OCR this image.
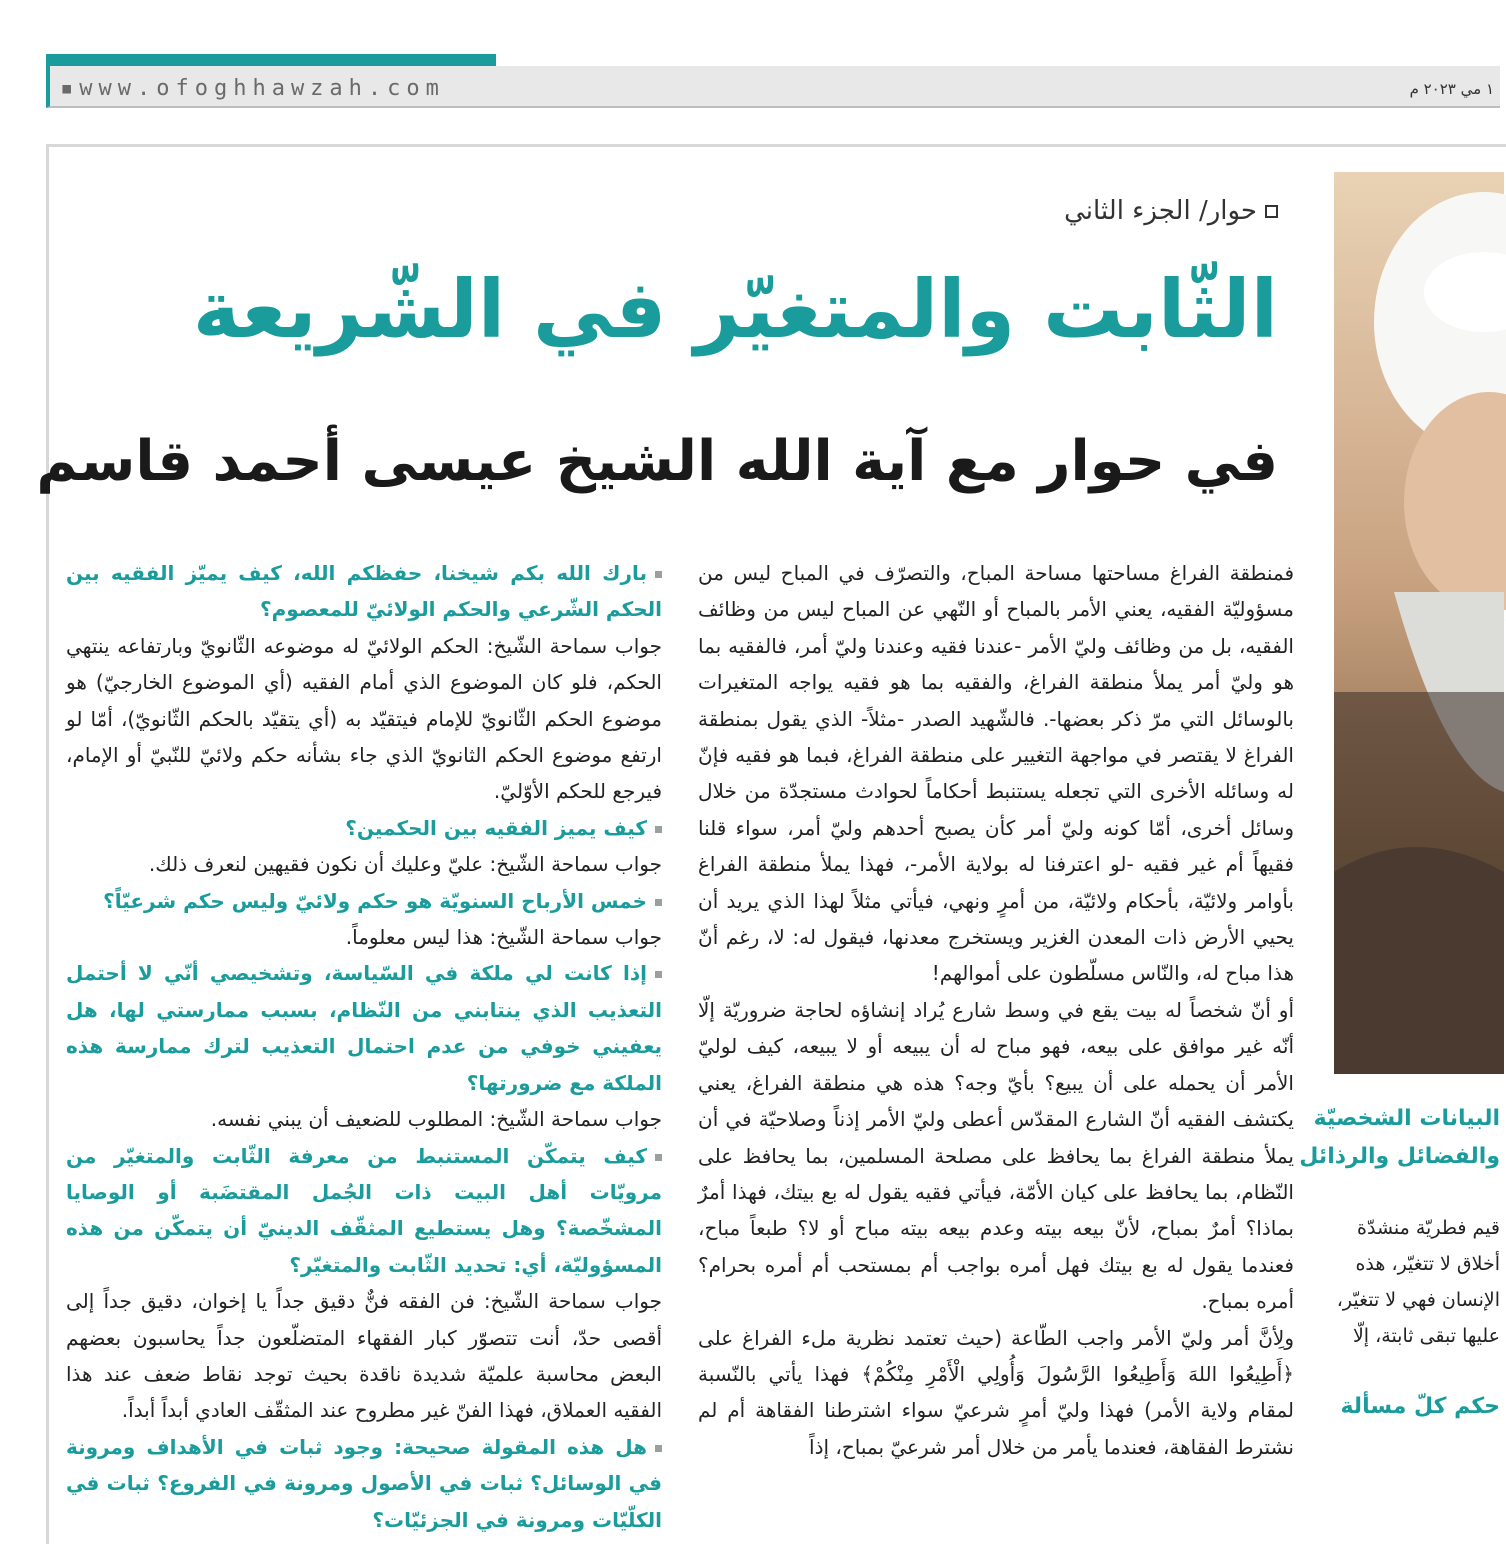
▪www.ofoghhawzah.com	١ مي ٢٠٢٣ م
حوار/ الجزء الثاني
الثّابت والمتغيّر في الشّريعة
في حوار مع آية الله الشيخ عيسى أحمد قاسم

فمنطقة الفراغ مساحتها مساحة المباح، والتصرّف في المباح ليس من مسؤوليّة الفقيه، يعني الأمر بالمباح أو النّهي عن المباح ليس من وظائف الفقيه، بل من وظائف وليّ الأمر -عندنا فقيه وعندنا وليّ أمر، فالفقيه بما هو وليّ أمر يملأ منطقة الفراغ، والفقيه بما هو فقيه يواجه المتغيرات بالوسائل التي مرّ ذكر بعضها-. فالشّهيد الصدر -مثلاً- الذي يقول بمنطقة الفراغ لا يقتصر في مواجهة التغيير على منطقة الفراغ، فبما هو فقيه فإنّ له وسائله الأخرى التي تجعله يستنبط أحكاماً لحوادث مستجدّة من خلال وسائل أخرى، أمّا كونه وليّ أمر كأن يصبح أحدهم وليّ أمر، سواء قلنا فقيهاً أم غير فقيه -لو اعترفنا له بولاية الأمر-، فهذا يملأ منطقة الفراغ بأوامر ولائيّة، بأحكام ولائيّة، من أمرٍ ونهي، فيأتي مثلاً لهذا الذي يريد أن يحيي الأرض ذات المعدن الغزير ويستخرج معدنها، فيقول له: لا، رغم أنّ هذا مباح له، والنّاس مسلّطون على أموالهم!

أو أنّ شخصاً له بيت يقع في وسط شارع يُراد إنشاؤه لحاجة ضروريّة إلّا أنّه غير موافق على بيعه، فهو مباح له أن يبيعه أو لا يبيعه، كيف لوليّ الأمر أن يحمله على أن يبيع؟ بأيّ وجه؟ هذه هي منطقة الفراغ، يعني يكتشف الفقيه أنّ الشارع المقدّس أعطى وليّ الأمر إذناً وصلاحيّة في أن يملأ منطقة الفراغ بما يحافظ على مصلحة المسلمين، بما يحافظ على النّظام، بما يحافظ على كيان الأمّة، فيأتي فقيه يقول له بع بيتك، فهذا أمرٌ بماذا؟ أمرٌ بمباح، لأنّ بيعه بيته وعدم بيعه بيته مباح أو لا؟ طبعاً مباح، فعندما يقول له بع بيتك فهل أمره بواجب أم بمستحب أم أمره بحرام؟ أمره بمباح.

ولِأنَّ أمر وليّ الأمر واجب الطّاعة (حيث تعتمد نظرية ملء الفراغ على ﴿أَطِيعُوا اللهَ وَأَطِيعُوا الرَّسُولَ وَأُولِي الْأَمْرِ مِنْكُمْ﴾ فهذا يأتي بالنّسبة لمقام ولاية الأمر) فهذا وليّ أمرٍ شرعيّ سواء اشترطنا الفقاهة أم لم نشترط الفقاهة، فعندما يأمر من خلال أمر شرعيّ بمباح، إذاً

بارك الله بكم شيخنا، حفظكم الله، كيف يميّز الفقيه بين الحكم الشّرعي والحكم الولائيّ للمعصوم؟

جواب سماحة الشّيخ: الحكم الولائيّ له موضوعه الثّانويّ وبارتفاعه ينتهي الحكم، فلو كان الموضوع الذي أمام الفقيه (أي الموضوع الخارجيّ) هو موضوع الحكم الثّانويّ للإمام فيتقيّد به (أي يتقيّد بالحكم الثّانويّ)، أمّا لو ارتفع موضوع الحكم الثانويّ الذي جاء بشأنه حكم ولائيّ للنّبيّ أو الإمام، فيرجع للحكم الأوّليّ.

كيف يميز الفقيه بين الحكمين؟

جواب سماحة الشّيخ: عليّ وعليك أن نكون فقيهين لنعرف ذلك.

خمس الأرباح السنويّة هو حكم ولائيّ وليس حكم شرعيّاً؟

جواب سماحة الشّيخ: هذا ليس معلوماً.

إذا كانت لي ملكة في السّياسة، وتشخيصي أنّي لا أحتمل التعذيب الذي ينتابني من النّظام، بسبب ممارستي لها، هل يعفيني خوفي من عدم احتمال التعذيب لترك ممارسة هذه الملكة مع ضرورتها؟

جواب سماحة الشّيخ: المطلوب للضعيف أن يبني نفسه.

كيف يتمكّن المستنبط من معرفة الثّابت والمتغيّر من مرويّات أهل البيت ذات الجُمل المقتضَبة أو الوصايا المشخّصة؟ وهل يستطيع المثقّف الدينيّ أن يتمكّن من هذه المسؤوليّة، أي: تحديد الثّابت والمتغيّر؟

جواب سماحة الشّيخ: فن الفقه فنٌّ دقيق جداً يا إخوان، دقيق جداً إلى أقصى حدّ، أنت تتصوّر كبار الفقهاء المتضلّعون جداً يحاسبون بعضهم البعض محاسبة علميّة شديدة ناقدة بحيث توجد نقاط ضعف عند هذا الفقيه العملاق، فهذا الفنّ غير مطروح عند المثقّف العادي أبداً أبداً.

هل هذه المقولة صحيحة: وجود ثبات في الأهداف ومرونة في الوسائل؟ ثبات في الأصول ومرونة في الفروع؟ ثبات في الكلّيّات ومرونة في الجزئيّات؟

البيانات الشخصيّة
والفضائل والرذائل
قيم فطريّة منشدّة
أخلاق لا تتغيّر، هذه
الإنسان فهي لا تتغيّر،
عليها تبقى ثابتة، إلّا
حكم كلّ مسألة
